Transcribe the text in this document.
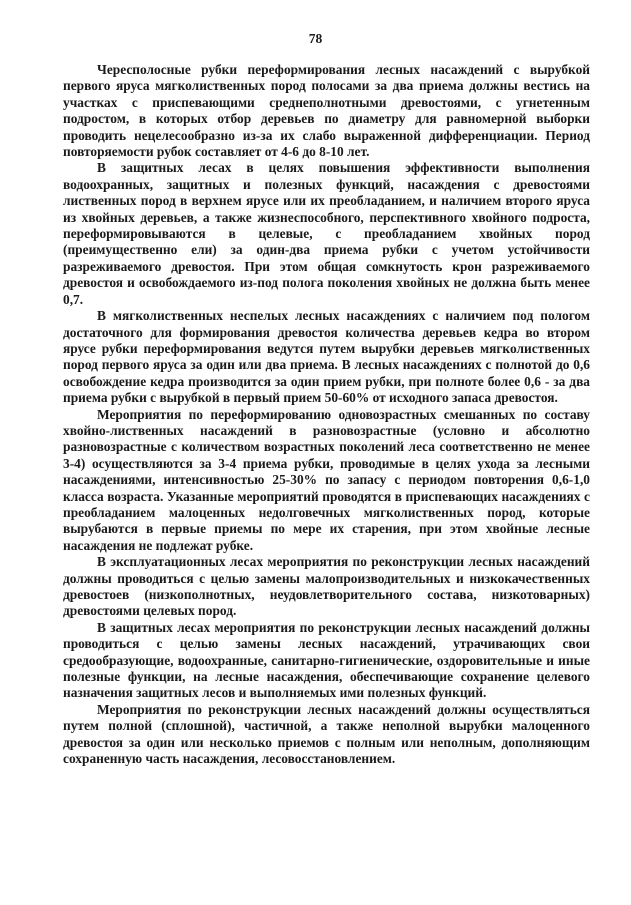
78

Чересполосные рубки переформирования лесных насаждений с вырубкой первого яруса мягколиственных пород полосами за два приема должны вестись на участках с приспевающими среднеполнотными древостоями, с угнетенным подростом, в которых отбор деревьев по диаметру для равномерной выборки проводить нецелесообразно из-за их слабо выраженной дифференциации. Период повторяемости рубок составляет от 4-6 до 8-10 лет.

В защитных лесах в целях повышения эффективности выполнения водоохранных, защитных и полезных функций, насаждения с древостоями лиственных пород в верхнем ярусе или их преобладанием, и наличием второго яруса из хвойных деревьев, а также жизнеспособного, перспективного хвойного подроста, переформировываются в целевые, с преобладанием хвойных пород (преимущественно ели) за один-два приема рубки с учетом устойчивости разреживаемого древостоя. При этом общая сомкнутость крон разреживаемого древостоя и освобождаемого из-под полога поколения хвойных не должна быть менее 0,7.

В мягколиственных неспелых лесных насаждениях с наличием под пологом достаточного для формирования древостоя количества деревьев кедра во втором ярусе рубки переформирования ведутся путем вырубки деревьев мягколиственных пород первого яруса за один или два приема. В лесных насаждениях с полнотой до 0,6 освобождение кедра производится за один прием рубки, при полноте более 0,6 - за два приема рубки с вырубкой в первый прием 50-60% от исходного запаса древостоя.

Мероприятия по переформированию одновозрастных смешанных по составу хвойно-лиственных насаждений в разновозрастные (условно и абсолютно разновозрастные с количеством возрастных поколений леса соответственно не менее 3-4) осуществляются за 3-4 приема рубки, проводимые в целях ухода за лесными насаждениями, интенсивностью 25-30% по запасу с периодом повторения 0,6-1,0 класса возраста. Указанные мероприятий проводятся в приспевающих насаждениях с преобладанием малоценных недолговечных мягколиственных пород, которые вырубаются в первые приемы по мере их старения, при этом хвойные лесные насаждения не подлежат рубке.

В эксплуатационных лесах мероприятия по реконструкции лесных насаждений должны проводиться с целью замены малопроизводительных и низкокачественных древостоев (низкополнотных, неудовлетворительного состава, низкотоварных) древостоями целевых пород.

В защитных лесах мероприятия по реконструкции лесных насаждений должны проводиться с целью замены лесных насаждений, утрачивающих свои средообразующие, водоохранные, санитарно-гигиенические, оздоровительные и иные полезные функции, на лесные насаждения, обеспечивающие сохранение целевого назначения защитных лесов и выполняемых ими полезных функций.

Мероприятия по реконструкции лесных насаждений должны осуществляться путем полной (сплошной), частичной, а также неполной вырубки малоценного древостоя за один или несколько приемов с полным или неполным, дополняющим сохраненную часть насаждения, лесовосстановлением.
